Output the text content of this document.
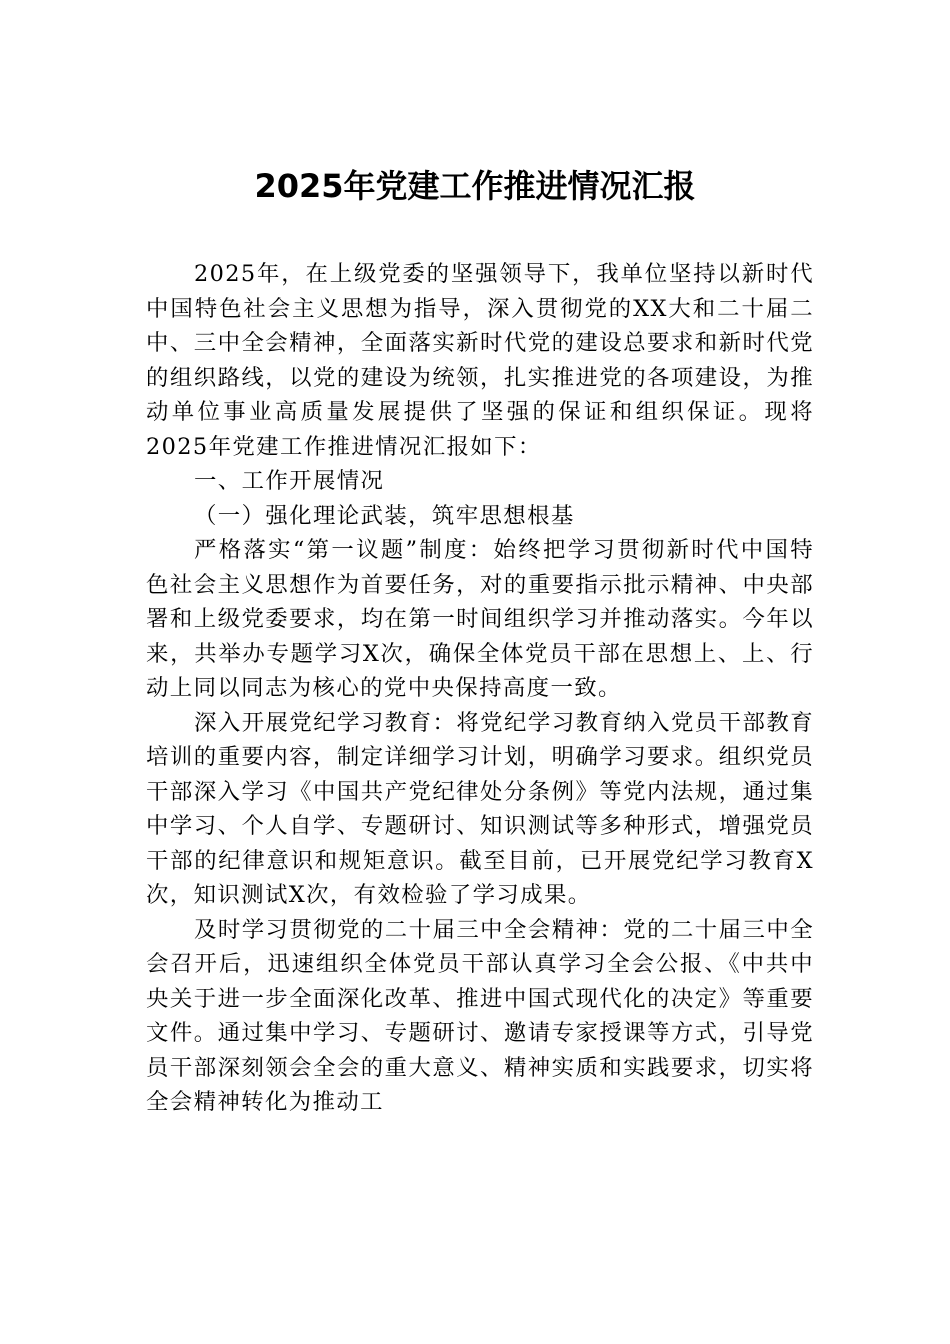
2025年党建工作推进情况汇报

2025年，在上级党委的坚强领导下，我单位坚持以新时代中国特色社会主义思想为指导，深入贯彻党的XX大和二十届二中、三中全会精神，全面落实新时代党的建设总要求和新时代党的组织路线，以党的建设为统领，扎实推进党的各项建设，为推动单位事业高质量发展提供了坚强的保证和组织保证。现将2025年党建工作推进情况汇报如下：

一、工作开展情况

（一）强化理论武装，筑牢思想根基

严格落实“第一议题”制度：始终把学习贯彻新时代中国特色社会主义思想作为首要任务，对的重要指示批示精神、中央部署和上级党委要求，均在第一时间组织学习并推动落实。今年以来，共举办专题学习X次，确保全体党员干部在思想上、上、行动上同以同志为核心的党中央保持高度一致。

深入开展党纪学习教育：将党纪学习教育纳入党员干部教育培训的重要内容，制定详细学习计划，明确学习要求。组织党员干部深入学习《中国共产党纪律处分条例》等党内法规，通过集中学习、个人自学、专题研讨、知识测试等多种形式，增强党员干部的纪律意识和规矩意识。截至目前，已开展党纪学习教育X次，知识测试X次，有效检验了学习成果。

及时学习贯彻党的二十届三中全会精神：党的二十届三中全会召开后，迅速组织全体党员干部认真学习全会公报、《中共中央关于进一步全面深化改革、推进中国式现代化的决定》等重要文件。通过集中学习、专题研讨、邀请专家授课等方式，引导党员干部深刻领会全会的重大意义、精神实质和实践要求，切实将全会精神转化为推动工
